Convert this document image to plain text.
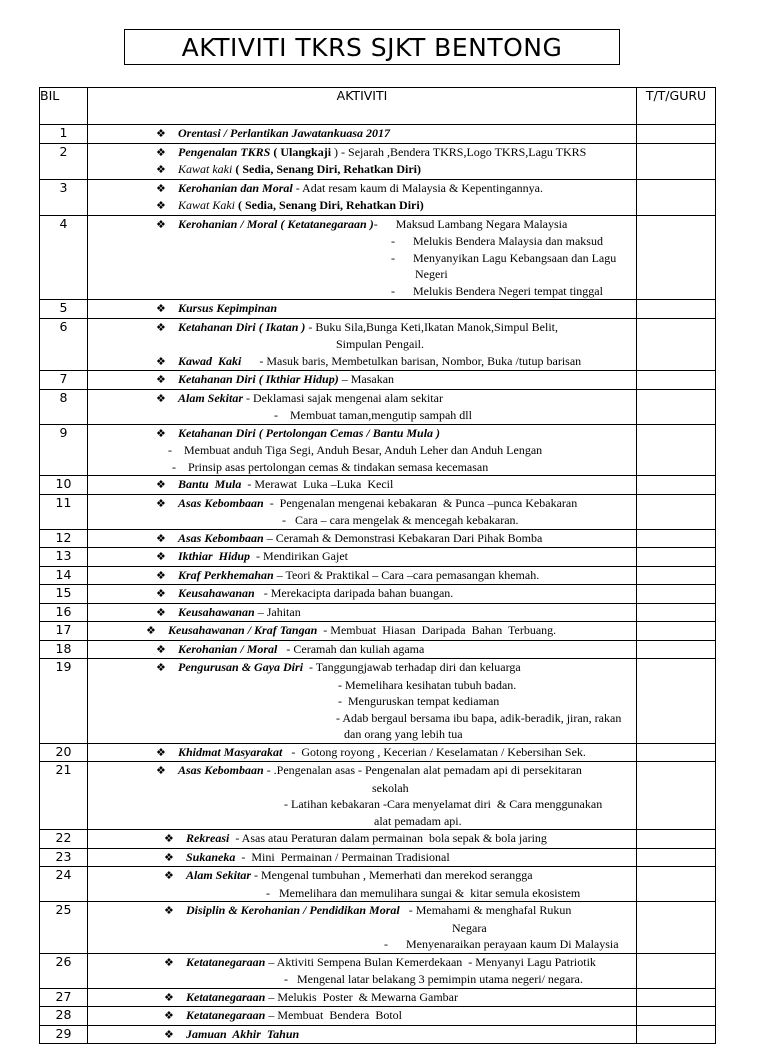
AKTIVITI TKRS SJKT BENTONG
BIL	AKTIVITI	T/T/GURU
1	❖ Orentasi / Perlantikan Jawatankuasa 2017	

2	❖ Pengenalan TKRS ( Ulangkaji ) - Sejarah ,Bendera TKRS,Logo TKRS,Lagu TKRS
❖ Kawat kaki ( Sedia, Senang Diri, Rehatkan Diri)	

3	❖ Kerohanian dan Moral - Adat resam kaum di Malaysia & Kepentingannya.
❖ Kawat Kaki ( Sedia, Senang Diri, Rehatkan Diri)	

4	❖ Kerohanian / Moral ( Ketatanegaraan )-      Maksud Lambang Negara Malaysia
-      Melukis Bendera Malaysia dan maksud
-      Menyanyikan Lagu Kebangsaan dan Lagu
Negeri
-      Melukis Bendera Negeri tempat tinggal	

5	❖ Kursus Kepimpinan	

6	❖ Ketahanan Diri ( Ikatan ) - Buku Sila,Bunga Keti,Ikatan Manok,Simpul Belit,
Simpulan Pengail.
❖ Kawad  Kaki      - Masuk baris, Membetulkan barisan, Nombor, Buka /tutup barisan	

7	❖ Ketahanan Diri ( Ikthiar Hidup) – Masakan	

8	❖ Alam Sekitar - Deklamasi sajak mengenai alam sekitar
-    Membuat taman,mengutip sampah dll	

9	❖ Ketahanan Diri ( Pertolongan Cemas / Bantu Mula )
-    Membuat anduh Tiga Segi, Anduh Besar, Anduh Leher dan Anduh Lengan
-    Prinsip asas pertolongan cemas & tindakan semasa kecemasan	

10	❖ Bantu  Mula  - Merawat  Luka –Luka  Kecil	

11	❖ Asas Kebombaan  -  Pengenalan mengenai kebakaran  & Punca –punca Kebakaran
-   Cara – cara mengelak & mencegah kebakaran.	

12	❖ Asas Kebombaan – Ceramah & Demonstrasi Kebakaran Dari Pihak Bomba	

13	❖ Ikthiar  Hidup  - Mendirikan Gajet	

14	❖ Kraf Perkhemahan – Teori & Praktikal – Cara –cara pemasangan khemah.	

15	❖ Keusahawanan   - Merekacipta daripada bahan buangan.	

16	❖ Keusahawanan – Jahitan	

17	❖ Keusahawanan / Kraf Tangan  - Membuat  Hiasan  Daripada  Bahan  Terbuang.	

18	❖ Kerohanian / Moral   - Ceramah dan kuliah agama	

19	❖ Pengurusan & Gaya Diri  - Tanggungjawab terhadap diri dan keluarga
- Memelihara kesihatan tubuh badan.
-  Menguruskan tempat kediaman
- Adab bergaul bersama ibu bapa, adik-beradik, jiran, rakan
dan orang yang lebih tua	

20	❖ Khidmat Masyarakat   -  Gotong royong , Kecerian / Keselamatan / Kebersihan Sek.	

21	❖ Asas Kebombaan - .Pengenalan asas - Pengenalan alat pemadam api di persekitaran
sekolah
- Latihan kebakaran -Cara menyelamat diri  & Cara menggunakan
alat pemadam api.	

22	❖ Rekreasi  - Asas atau Peraturan dalam permainan  bola sepak & bola jaring	

23	❖ Sukaneka  -  Mini  Permainan / Permainan Tradisional	

24	❖ Alam Sekitar - Mengenal tumbuhan , Memerhati dan merekod serangga
-   Memelihara dan memulihara sungai &  kitar semula ekosistem	

25	❖ Disiplin & Kerohanian / Pendidikan Moral   - Memahami & menghafal Rukun
Negara
-      Menyenaraikan perayaan kaum Di Malaysia	

26	❖ Ketatanegaraan – Aktiviti Sempena Bulan Kemerdekaan  - Menyanyi Lagu Patriotik
-   Mengenal latar belakang 3 pemimpin utama negeri/ negara.	

27	❖ Ketatanegaraan – Melukis  Poster  & Mewarna Gambar	

28	❖ Ketatanegaraan – Membuat  Bendera  Botol	

29	❖ Jamuan  Akhir  Tahun	
